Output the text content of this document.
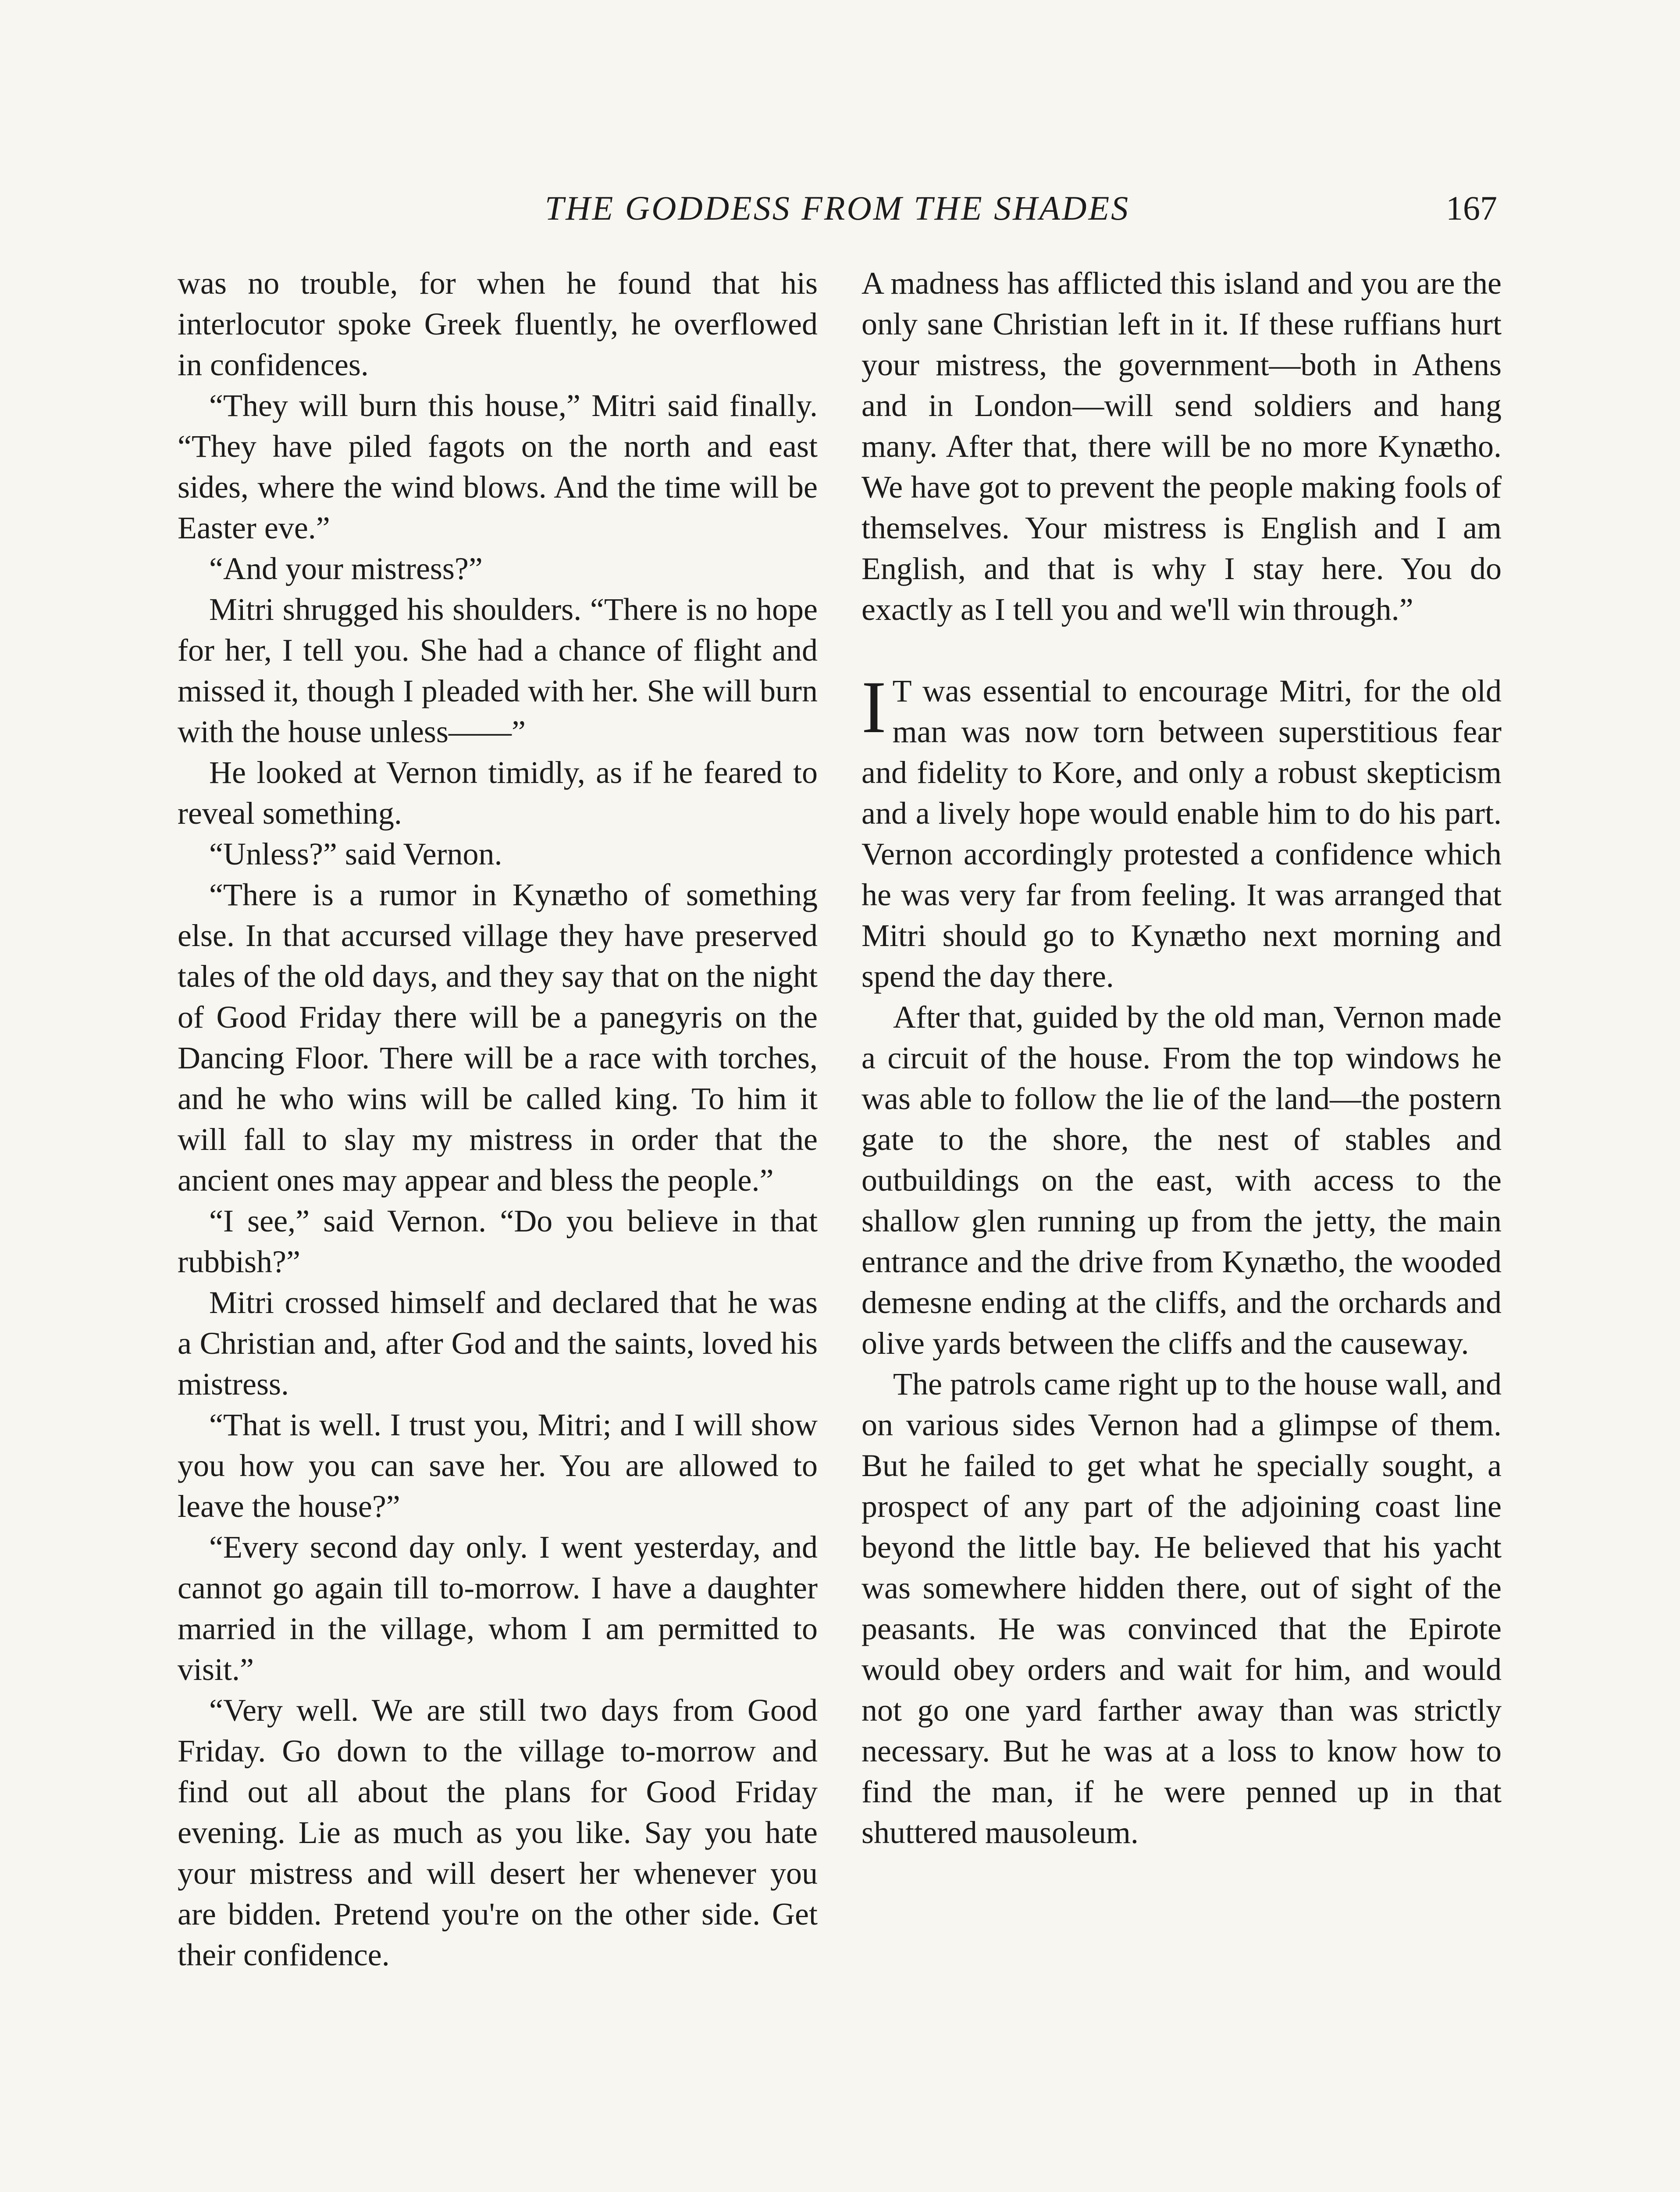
THE GODDESS FROM THE SHADES	167

was no trouble, for when he found that his interlocutor spoke Greek fluently, he overflowed in confidences.

“They will burn this house,” Mitri said finally. “They have piled fagots on the north and east sides, where the wind blows. And the time will be Easter eve.”

“And your mistress?”

Mitri shrugged his shoulders. “There is no hope for her, I tell you. She had a chance of flight and missed it, though I pleaded with her. She will burn with the house unless——”

He looked at Vernon timidly, as if he feared to reveal something.

“Unless?” said Vernon.

“There is a rumor in Kynætho of something else. In that accursed village they have preserved tales of the old days, and they say that on the night of Good Friday there will be a panegyris on the Dancing Floor. There will be a race with torches, and he who wins will be called king. To him it will fall to slay my mistress in order that the ancient ones may appear and bless the people.”

“I see,” said Vernon. “Do you believe in that rubbish?”

Mitri crossed himself and declared that he was a Christian and, after God and the saints, loved his mistress.

“That is well. I trust you, Mitri; and I will show you how you can save her. You are allowed to leave the house?”

“Every second day only. I went yesterday, and cannot go again till to-morrow. I have a daughter married in the village, whom I am permitted to visit.”

“Very well. We are still two days from Good Friday. Go down to the village to-morrow and find out all about the plans for Good Friday evening. Lie as much as you like. Say you hate your mistress and will desert her whenever you are bidden. Pretend you're on the other side. Get their confidence.

A madness has afflicted this island and you are the only sane Christian left in it. If these ruffians hurt your mistress, the government—both in Athens and in London—will send soldiers and hang many. After that, there will be no more Kynætho. We have got to prevent the people making fools of themselves. Your mistress is English and I am English, and that is why I stay here. You do exactly as I tell you and we'll win through.”

I T was essential to encourage Mitri, for the old man was now torn between superstitious fear and fidelity to Kore, and only a robust skepticism and a lively hope would enable him to do his part. Vernon accordingly protested a confidence which he was very far from feeling. It was arranged that Mitri should go to Kynætho next morning and spend the day there.

After that, guided by the old man, Vernon made a circuit of the house. From the top windows he was able to follow the lie of the land—the postern gate to the shore, the nest of stables and outbuildings on the east, with access to the shallow glen running up from the jetty, the main entrance and the drive from Kynætho, the wooded demesne ending at the cliffs, and the orchards and olive yards between the cliffs and the causeway.

The patrols came right up to the house wall, and on various sides Vernon had a glimpse of them. But he failed to get what he specially sought, a prospect of any part of the adjoining coast line beyond the little bay. He believed that his yacht was somewhere hidden there, out of sight of the peasants. He was convinced that the Epirote would obey orders and wait for him, and would not go one yard farther away than was strictly necessary. But he was at a loss to know how to find the man, if he were penned up in that shuttered mausoleum.
